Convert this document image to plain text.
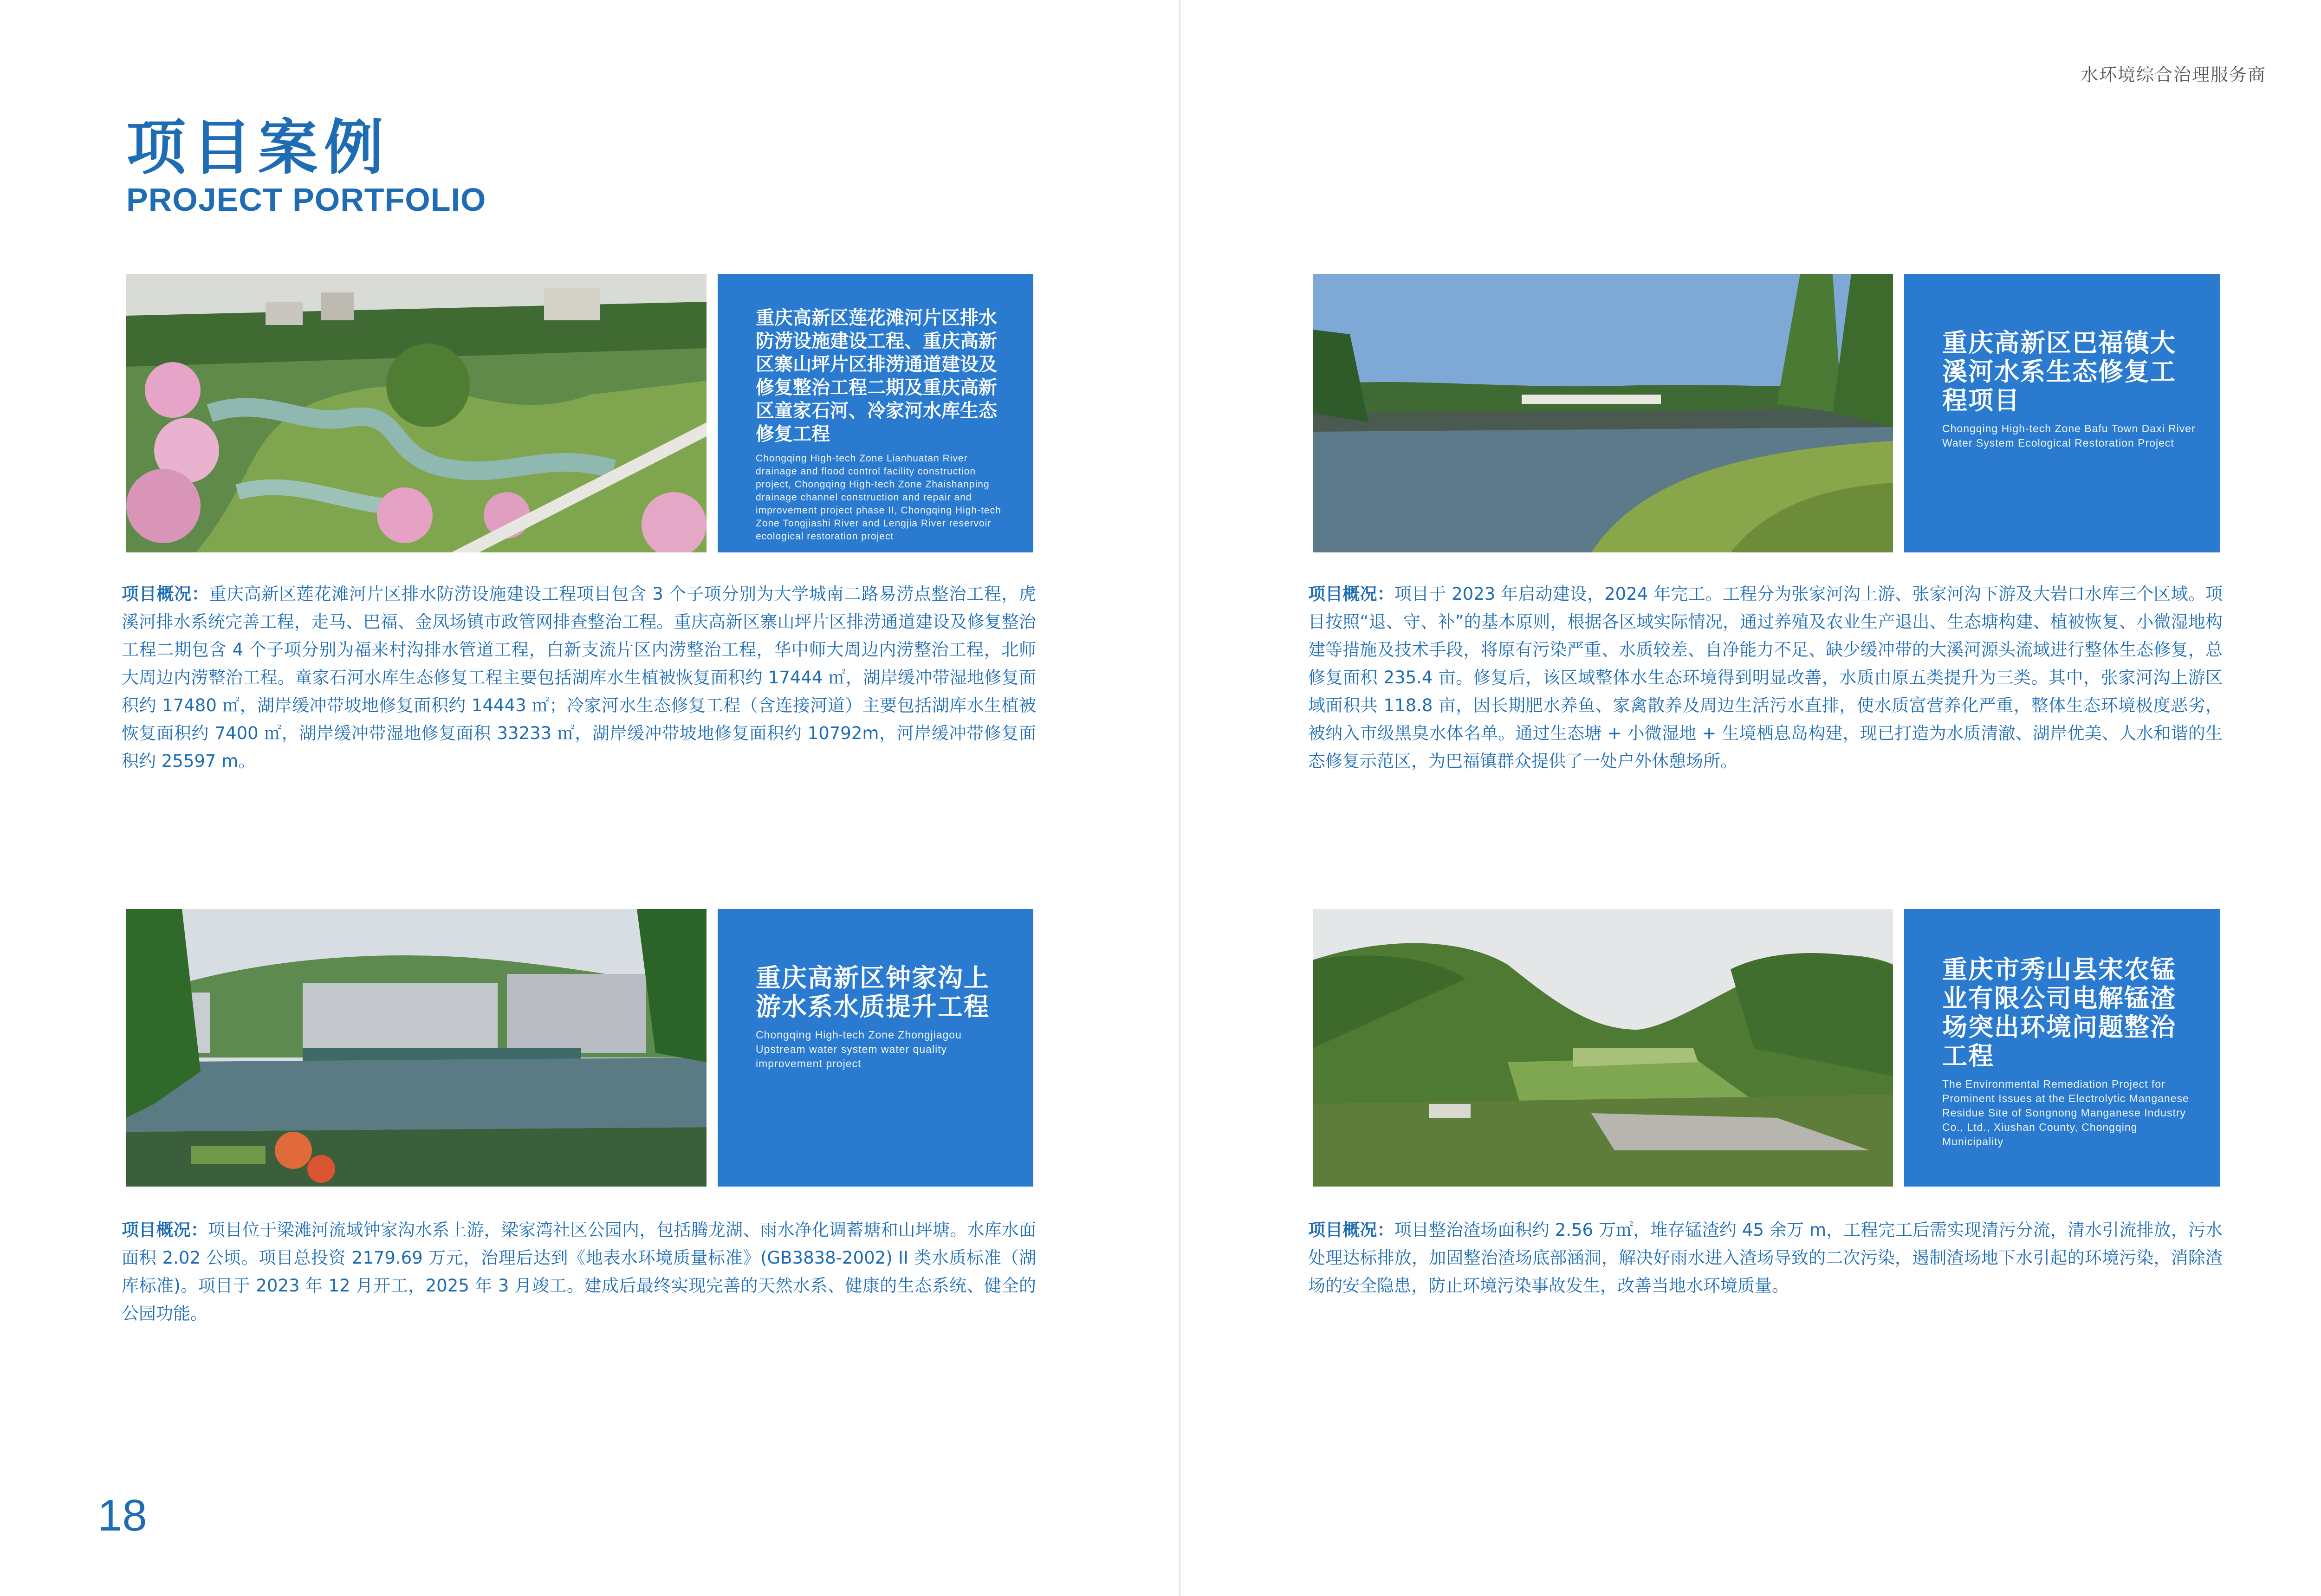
水环境综合治理服务商
项目案例
PROJECT PORTFOLIO
重庆高新区莲花滩河片区排水防涝设施建设工程、重庆高新区寨山坪片区排涝通道建设及修复整治工程二期及重庆高新区童家石河、冷家河水库生态修复工程
Chongqing High-tech Zone Lianhuatan River drainage and flood control facility construction project, Chongqing High-tech Zone Zhaishanping drainage channel construction and repair and improvement project phase II, Chongqing High-tech Zone Tongjiashi River and Lengjia River reservoir ecological restoration project
项目概况：重庆高新区莲花滩河片区排水防涝设施建设工程项目包含 3 个子项分别为大学城南二路易涝点整治工程，虎溪河排水系统完善工程，走马、巴福、金凤场镇市政管网排查整治工程。重庆高新区寨山坪片区排涝通道建设及修复整治工程二期包含 4 个子项分别为福来村沟排水管道工程，白新支流片区内涝整治工程，华中师大周边内涝整治工程，北师大周边内涝整治工程。童家石河水库生态修复工程主要包括湖库水生植被恢复面积约 17444 ㎡，湖岸缓冲带湿地修复面积约 17480 ㎡，湖岸缓冲带坡地修复面积约 14443 ㎡；冷家河水生态修复工程（含连接河道）主要包括湖库水生植被恢复面积约 7400 ㎡，湖岸缓冲带湿地修复面积 33233 ㎡，湖岸缓冲带坡地修复面积约 10792m，河岸缓冲带修复面积约 25597 m。
重庆高新区巴福镇大溪河水系生态修复工程项目
Chongqing High-tech Zone Bafu Town Daxi River Water System Ecological Restoration Project
项目概况：项目于 2023 年启动建设，2024 年完工。工程分为张家河沟上游、张家河沟下游及大岩口水库三个区域。项目按照“退、守、补”的基本原则，根据各区域实际情况，通过养殖及农业生产退出、生态塘构建、植被恢复、小微湿地构建等措施及技术手段，将原有污染严重、水质较差、自净能力不足、缺少缓冲带的大溪河源头流域进行整体生态修复，总修复面积 235.4 亩。修复后，该区域整体水生态环境得到明显改善，水质由原五类提升为三类。其中，张家河沟上游区域面积共 118.8 亩，因长期肥水养鱼、家禽散养及周边生活污水直排，使水质富营养化严重，整体生态环境极度恶劣，被纳入市级黑臭水体名单。通过生态塘 + 小微湿地 + 生境栖息岛构建，现已打造为水质清澈、湖岸优美、人水和谐的生态修复示范区，为巴福镇群众提供了一处户外休憩场所。
重庆高新区钟家沟上游水系水质提升工程
Chongqing High-tech Zone Zhongjiagou Upstream water system water quality improvement project
项目概况：项目位于梁滩河流域钟家沟水系上游，梁家湾社区公园内，包括腾龙湖、雨水净化调蓄塘和山坪塘。水库水面面积 2.02 公顷。项目总投资 2179.69 万元，治理后达到《地表水环境质量标准》(GB3838-2002) II 类水质标准（湖库标准)。项目于 2023 年 12 月开工，2025 年 3 月竣工。建成后最终实现完善的天然水系、健康的生态系统、健全的公园功能。
重庆市秀山县宋农锰业有限公司电解锰渣场突出环境问题整治工程
The Environmental Remediation Project for Prominent Issues at the Electrolytic Manganese Residue Site of Songnong Manganese Industry Co., Ltd., Xiushan County, Chongqing Municipality
项目概况：项目整治渣场面积约 2.56 万㎡，堆存锰渣约 45 余万 m，工程完工后需实现清污分流，清水引流排放，污水处理达标排放，加固整治渣场底部涵洞，解决好雨水进入渣场导致的二次污染，遏制渣场地下水引起的环境污染，消除渣场的安全隐患，防止环境污染事故发生，改善当地水环境质量。
18
